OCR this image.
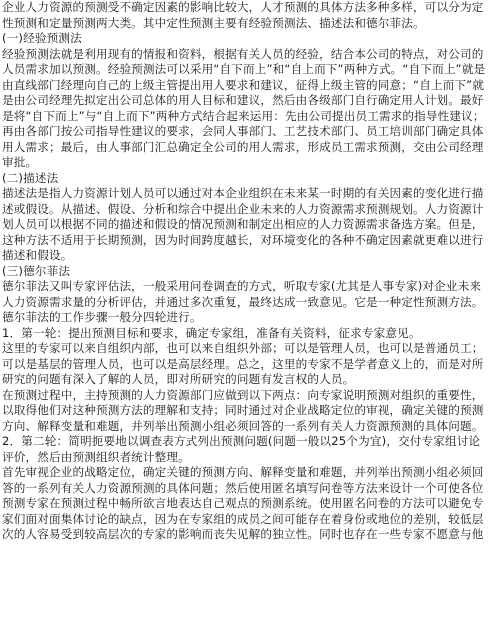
企业人力资源的预测受不确定因素的影响比较大，人才预测的具体方法多种多样，可以分为定
性预测和定量预测两大类。其中定性预测主要有经验预测法、描述法和德尔菲法。
(一)经验预测法
经验预测法就是利用现有的情报和资料，根据有关人员的经验，结合本公司的特点，对公司的
人员需求加以预测。经验预测法可以采用“自下而上”和“自上而下”两种方式。“自下而上”就是
由直线部门经理向自己的上级主管提出用人要求和建议，征得上级主管的同意；“自上而下”就
是由公司经理先拟定出公司总体的用人目标和建议，然后由各级部门自行确定用人计划。最好
是将“自下而上”与“自上而下”两种方式结合起来运用：先由公司提出员工需求的指导性建议；
再由各部门按公司指导性建议的要求，会同人事部门、工艺技术部门、员工培训部门确定具体
用人需求；最后，由人事部门汇总确定全公司的用人需求，形成员工需求预测，交由公司经理
审批。
(二)描述法
描述法是指人力资源计划人员可以通过对本企业组织在未来某一时期的有关因素的变化进行描
述或假设。从描述、假设、分析和综合中提出企业未来的人力资源需求预测规划。人力资源计
划人员可以根据不同的描述和假设的情况预测和制定出相应的人力资源需求备选方案。但是，
这种方法不适用于长期预测，因为时间跨度越长，对环境变化的各种不确定因素就更难以进行
描述和假设。
(三)德尔菲法
德尔菲法又叫专家评估法，一般采用问卷调查的方式，听取专家(尤其是人事专家)对企业未来
人力资源需求量的分析评估，并通过多次重复，最终达成一致意见。它是一种定性预测方法。
德尔菲法的工作步骤一般分四轮进行。
1．第一轮：提出预测目标和要求，确定专家组，准备有关资料，征求专家意见。
这里的专家可以来自组织内部，也可以来自组织外部；可以是管理人员，也可以是普通员工；
可以是基层的管理人员，也可以是高层经理。总之，这里的专家不是学者意义上的，而是对所
研究的问题有深入了解的人员，即对所研究的问题有发言权的人员。
在预测过程中，主持预测的人力资源部门应做到以下两点：向专家说明预测对组织的重要性，
以取得他们对这种预测方法的理解和支持；同时通过对企业战略定位的审视，确定关键的预测
方向、解释变量和难题，并列举出预测小组必须回答的一系列有关人力资源预测的具体问题。
2．第二轮：简明扼要地以调查表方式列出预测问题(问题一般以25个为宜)，交付专家组讨论
评价，然后由预测组织者统计整理。
首先审视企业的战略定位，确定关键的预测方向、解释变量和难题，并列举出预测小组必须回
答的一系列有关人力资源预测的具体问题；然后使用匿名填写问卷等方法来设计一个可使各位
预测专家在预测过程中畅所欲言地表达自己观点的预测系统。使用匿名问卷的方法可以避免专
家们面对面集体讨论的缺点，因为在专家组的成员之间可能存在着身份或地位的差别，较低层
次的人容易受到较高层次的专家的影响而丧失见解的独立性。同时也存在一些专家不愿意与他
